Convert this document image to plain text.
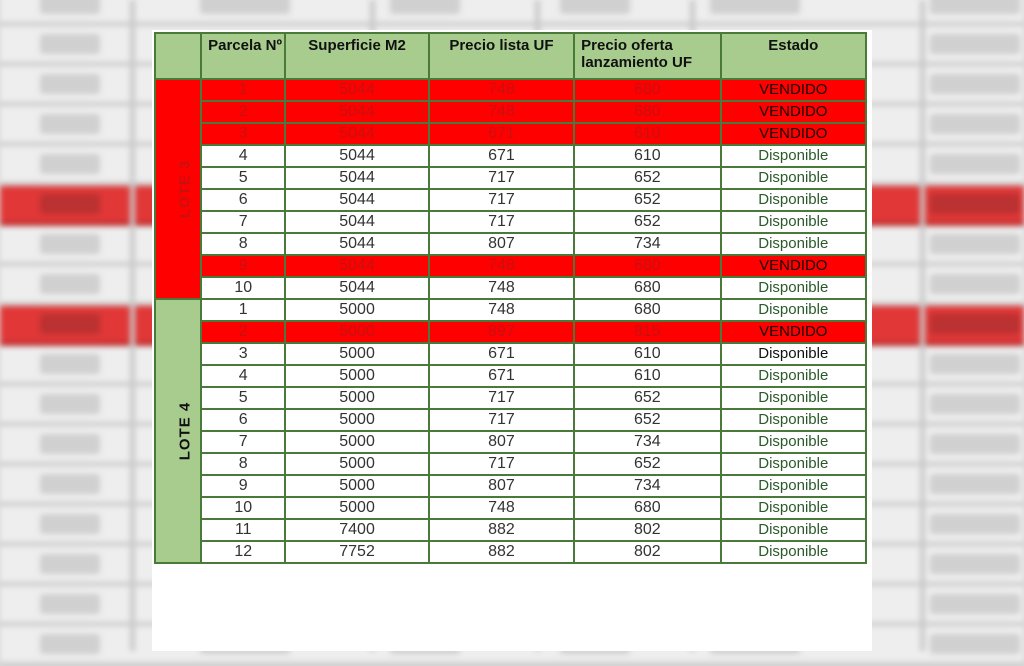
	Parcela Nº	Superficie M2	Precio lista UF	Precio oferta lanzamiento UF	Estado
LOTE 3	1	5044	748	680	VENDIDO
	2	5044	748	680	VENDIDO
	3	5044	671	610	VENDIDO
	4	5044	671	610	Disponible
	5	5044	717	652	Disponible
	6	5044	717	652	Disponible
	7	5044	717	652	Disponible
	8	5044	807	734	Disponible
	9	5044	748	680	VENDIDO
	10	5044	748	680	Disponible
LOTE 4	1	5000	748	680	Disponible
	2	5000	897	815	VENDIDO
	3	5000	671	610	Disponible
	4	5000	671	610	Disponible
	5	5000	717	652	Disponible
	6	5000	717	652	Disponible
	7	5000	807	734	Disponible
	8	5000	717	652	Disponible
	9	5000	807	734	Disponible
	10	5000	748	680	Disponible
	11	7400	882	802	Disponible
	12	7752	882	802	Disponible
